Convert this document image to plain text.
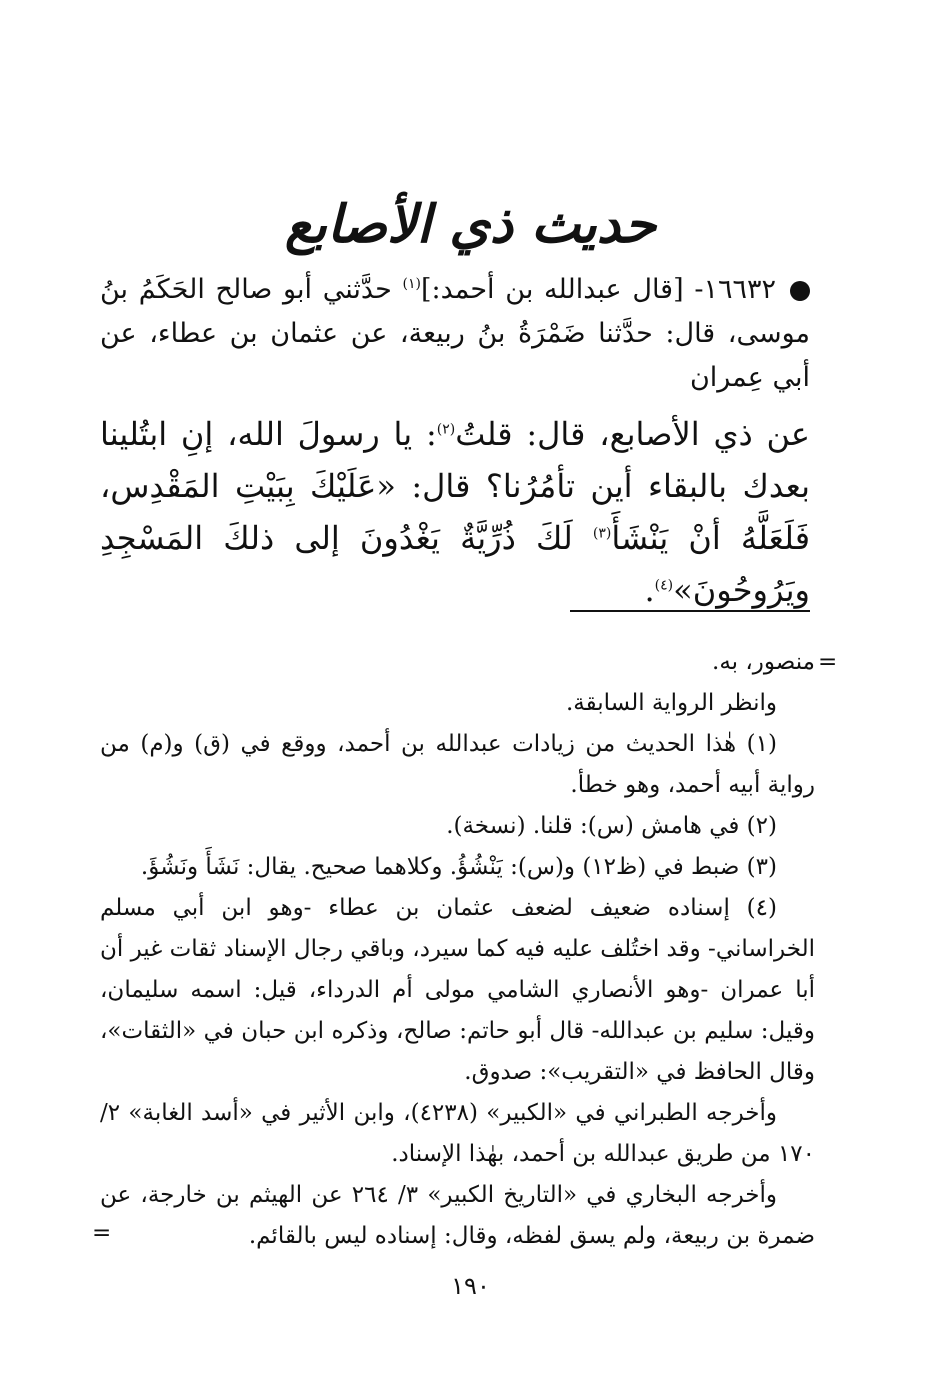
حديث ذي الأصابع
١٦٦٣٢- [قال عبدالله بن أحمد:]$^{(١)}$ حدَّثني أبو صالح الحَكَمُ بنُ موسى، قال: حدَّثنا ضَمْرَةُ بنُ ربيعة، عن عثمان بن عطاء، عن أبي عِمران
عن ذي الأصابع، قال: قلتُ$^{(٢)}$: يا رسولَ الله، إنِ ابتُلينا بعدك بالبقاء أين تأمُرُنا؟ قال: «عَلَيْكَ بِبَيْتِ المَقْدِس، فَلَعَلَّهُ أنْ يَنْشَأَ$^{(٣)}$ لَكَ ذُرِّيَّةٌ يَغْدُونَ إلى ذلكَ المَسْجِدِ ويَرُوحُونَ»$^{(٤)}$.
=

منصور، به.

وانظر الرواية السابقة.

(١) هٰذا الحديث من زيادات عبدالله بن أحمد، ووقع في (ق) و(م) من رواية أبيه أحمد، وهو خطأ.

(٢) في هامش (س): قلنا. (نسخة).

(٣) ضبط في (ظ١٢) و(س): يَنْشُؤُ. وكلاهما صحيح. يقال: نَشَأَ ونَشُؤَ.

(٤) إسناده ضعيف لضعف عثمان بن عطاء -وهو ابن أبي مسلم الخراساني- وقد اختُلف عليه فيه كما سيرد، وباقي رجال الإسناد ثقات غير أن أبا عمران -وهو الأنصاري الشامي مولى أم الدرداء، قيل: اسمه سليمان، وقيل: سليم بن عبدالله- قال أبو حاتم: صالح، وذكره ابن حبان في «الثقات»، وقال الحافظ في «التقريب»: صدوق.

وأخرجه الطبراني في «الكبير» (٤٢٣٨)، وابن الأثير في «أسد الغابة» ٢/ ١٧٠ من طريق عبدالله بن أحمد، بهٰذا الإسناد.

وأخرجه البخاري في «التاريخ الكبير» ٣/ ٢٦٤ عن الهيثم بن خارجة، عن ضمرة بن ربيعة، ولم يسق لفظه، وقال: إسناده ليس بالقائم.

=
١٩٠
